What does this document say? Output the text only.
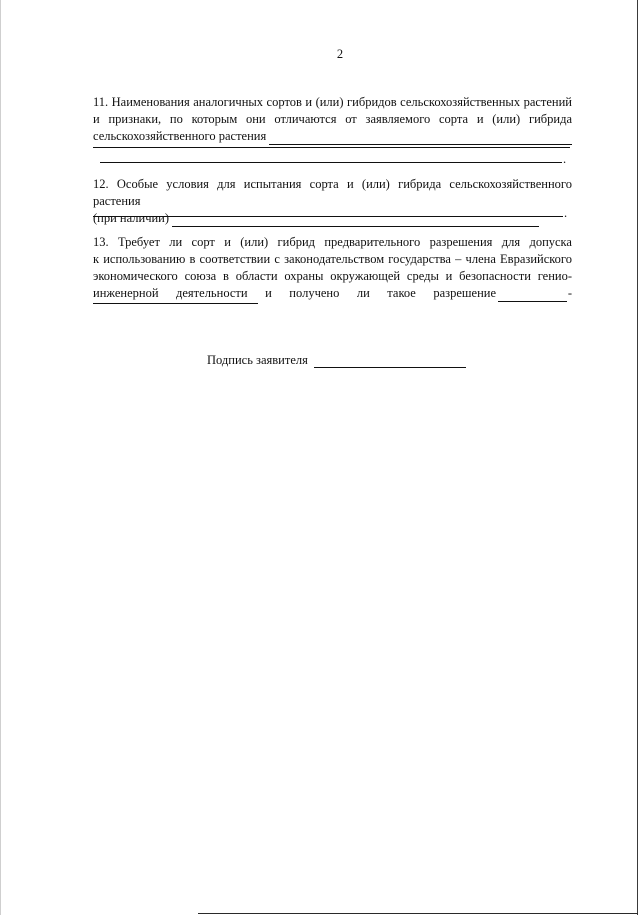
2
11. Наименования аналогичных сортов и (или) гибридов сельскохозяйственных растений
и признаки, по которым они отличаются от заявляемого сорта и (или) гибрида
сельскохозяйственного растения
.
12. Особые условия для испытания сорта и (или) гибрида сельскохозяйственного растения
(при наличии)	.
13. Требует ли сорт и (или) гибрид предварительного разрешения для допуска
к использованию в соответствии с законодательством государства – члена Евразийского
экономического союза в области охраны окружающей среды и безопасности генио-
инженерной деятельности и получено ли такое разрешение	-
Подпись заявителя
